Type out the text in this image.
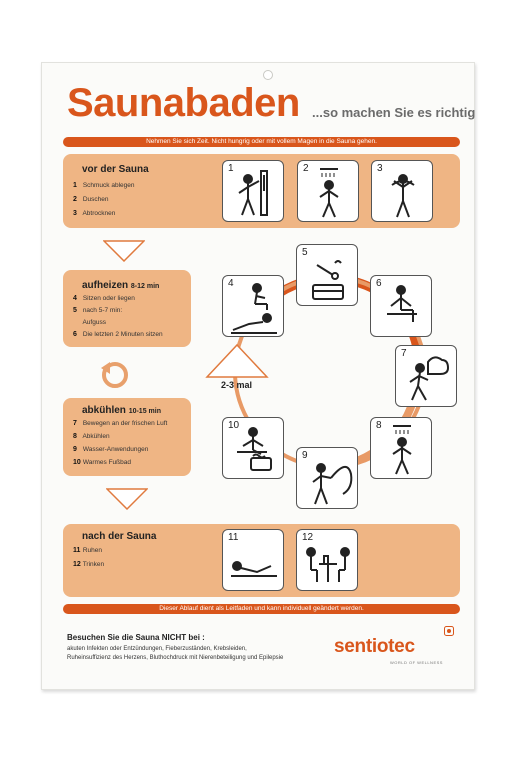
Saunabaden ...so machen Sie es richtig
Nehmen Sie sich Zeit. Nicht hungrig oder mit vollem Magen in die Sauna gehen.
vor der Sauna
1 Schmuck ablegen
2 Duschen
3 Abtrocknen
aufheizen 8-12 min
4 Sitzen oder liegen
5 nach 5-7 min:
Aufguss
6 Die letzten 2 Minuten sitzen
abkühlen 10-15 min
7 Bewegen an der frischen Luft
8 Abkühlen
9 Wasser-Anwendungen
10 Warmes Fußbad
nach der Sauna
11 Ruhen
12 Trinken
2-3 mal
1	2	3
5
4	6
7
8
9
10
11	12
Dieser Ablauf dient als Leitfaden und kann individuell geändert werden.
Besuchen Sie die Sauna NICHT bei :
akuten Infekten oder Entzündungen, Fieberzuständen, Krebsleiden,
Ruheinsuffizienz des Herzens, Bluthochdruck mit Nierenbeteiligung und Epilepsie
sentiotec
WORLD OF WELLNESS
